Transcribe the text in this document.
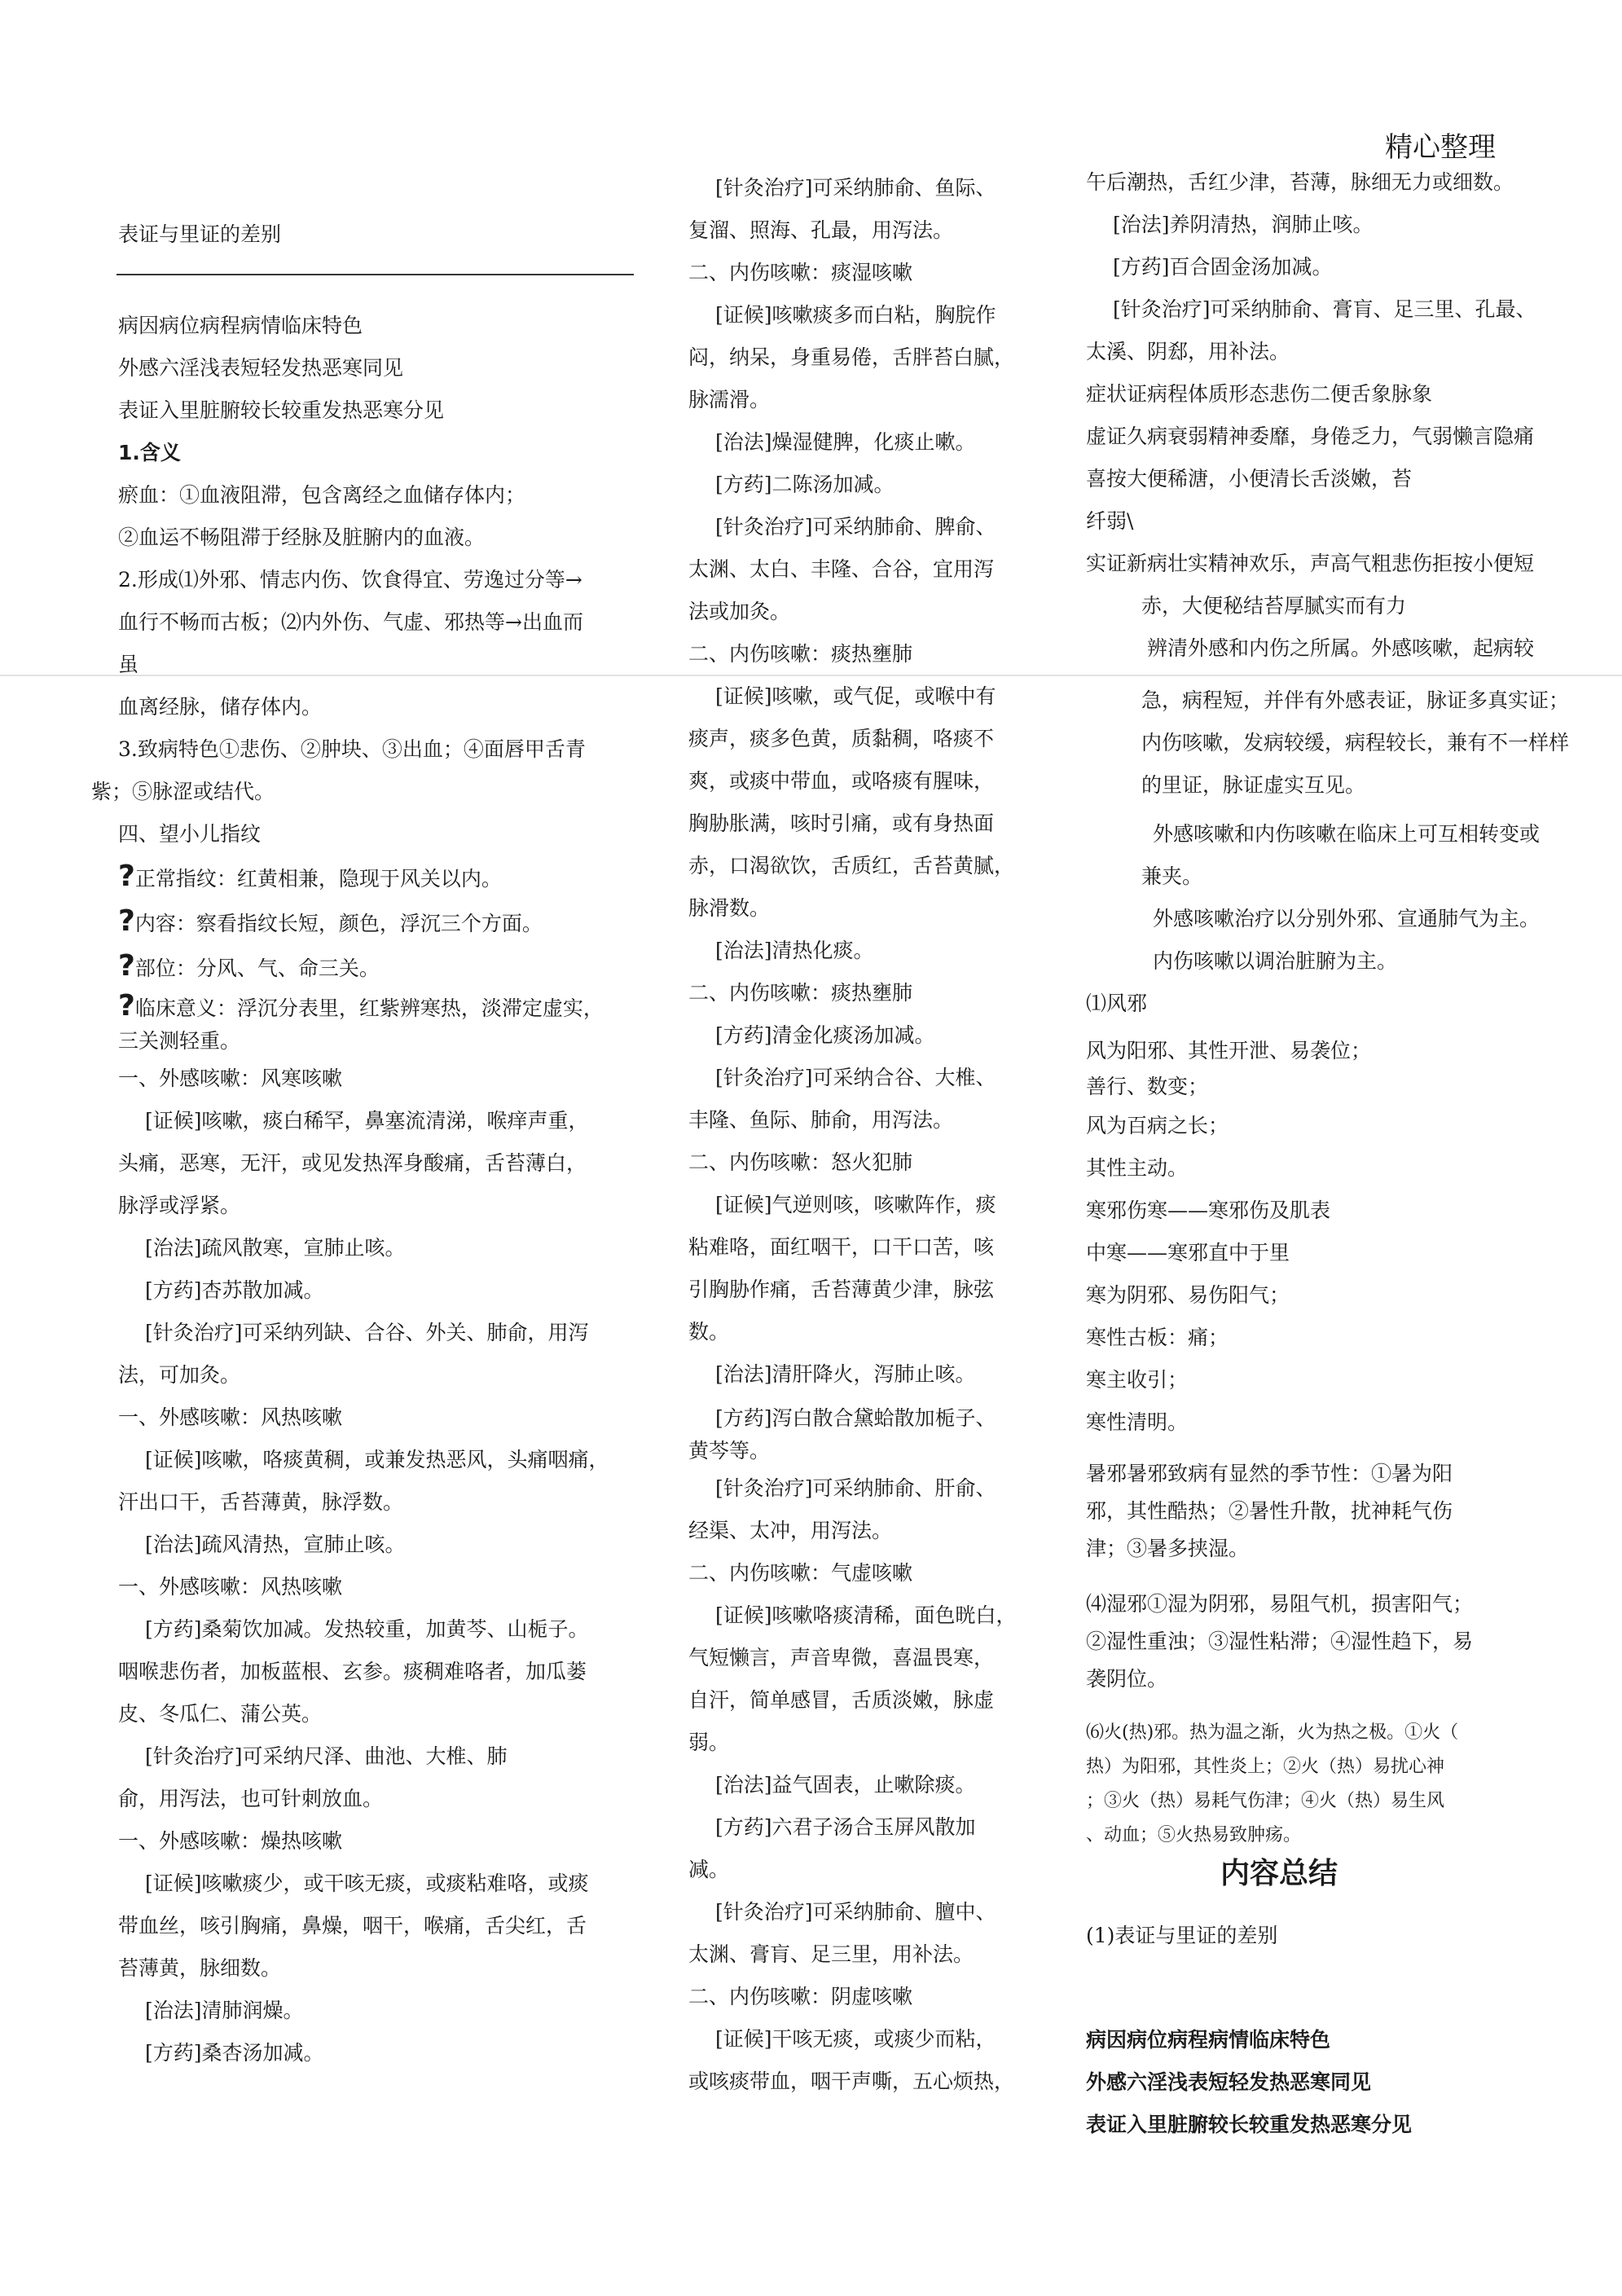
精心整理

表证与里证的差别

病因病位病程病情临床特色

外感六淫浅表短轻发热恶寒同见

表证入里脏腑较长较重发热恶寒分见

1.含义

瘀血：①血液阻滞，包含离经之血储存体内；

②血运不畅阻滞于经脉及脏腑内的血液。

2.形成⑴外邪、情志内伤、饮食得宜、劳逸过分等→

血行不畅而古板；⑵内外伤、气虚、邪热等→出血而

虽

血离经脉，储存体内。

3.致病特色①悲伤、②肿块、③出血；④面唇甲舌青

紫；⑤脉涩或结代。

四、望小儿指纹

?正常指纹：红黄相兼，隐现于风关以内。

?内容：察看指纹长短，颜色，浮沉三个方面。

?部位：分风、气、命三关。

?临床意义：浮沉分表里，红紫辨寒热，淡滞定虚实，

三关测轻重。

一、外感咳嗽：风寒咳嗽

[证候]咳嗽，痰白稀罕，鼻塞流清涕，喉痒声重，

头痛，恶寒，无汗，或见发热浑身酸痛，舌苔薄白，

脉浮或浮紧。

[治法]疏风散寒，宣肺止咳。

[方药]杏苏散加减。

[针灸治疗]可采纳列缺、合谷、外关、肺俞，用泻

法，可加灸。

一、外感咳嗽：风热咳嗽

[证候]咳嗽，咯痰黄稠，或兼发热恶风，头痛咽痛，

汗出口干，舌苔薄黄，脉浮数。

[治法]疏风清热，宣肺止咳。

一、外感咳嗽：风热咳嗽

[方药]桑菊饮加减。发热较重，加黄芩、山栀子。

咽喉悲伤者，加板蓝根、玄参。痰稠难咯者，加瓜蒌

皮、冬瓜仁、蒲公英。

[针灸治疗]可采纳尺泽、曲池、大椎、肺

俞，用泻法，也可针刺放血。

一、外感咳嗽：燥热咳嗽

[证候]咳嗽痰少，或干咳无痰，或痰粘难咯，或痰

带血丝，咳引胸痛，鼻燥，咽干，喉痛，舌尖红，舌

苔薄黄，脉细数。

[治法]清肺润燥。

[方药]桑杏汤加减。

[针灸治疗]可采纳肺俞、鱼际、

复溜、照海、孔最，用泻法。

二、内伤咳嗽：痰湿咳嗽

[证候]咳嗽痰多而白粘，胸脘作

闷，纳呆，身重易倦，舌胖苔白腻，

脉濡滑。

[治法]燥湿健脾，化痰止嗽。

[方药]二陈汤加减。

[针灸治疗]可采纳肺俞、脾俞、

太渊、太白、丰隆、合谷，宜用泻

法或加灸。

二、内伤咳嗽：痰热壅肺

[证候]咳嗽，或气促，或喉中有

痰声，痰多色黄，质黏稠，咯痰不

爽，或痰中带血，或咯痰有腥味，

胸胁胀满，咳时引痛，或有身热面

赤，口渴欲饮，舌质红，舌苔黄腻，

脉滑数。

[治法]清热化痰。

二、内伤咳嗽：痰热壅肺

[方药]清金化痰汤加减。

[针灸治疗]可采纳合谷、大椎、

丰隆、鱼际、肺俞，用泻法。

二、内伤咳嗽：怒火犯肺

[证候]气逆则咳，咳嗽阵作，痰

粘难咯，面红咽干，口干口苦，咳

引胸胁作痛，舌苔薄黄少津，脉弦

数。

[治法]清肝降火，泻肺止咳。

[方药]泻白散合黛蛤散加栀子、

黄芩等。

[针灸治疗]可采纳肺俞、肝俞、

经渠、太冲，用泻法。

二、内伤咳嗽：气虚咳嗽

[证候]咳嗽咯痰清稀，面色晄白，

气短懒言，声音卑微，喜温畏寒，

自汗，简单感冒，舌质淡嫩，脉虚

弱。

[治法]益气固表，止嗽除痰。

[方药]六君子汤合玉屏风散加

减。

[针灸治疗]可采纳肺俞、膻中、

太渊、膏肓、足三里，用补法。

二、内伤咳嗽：阴虚咳嗽

[证候]干咳无痰，或痰少而粘，

或咳痰带血，咽干声嘶，五心烦热，

午后潮热，舌红少津，苔薄，脉细无力或细数。

[治法]养阴清热，润肺止咳。

[方药]百合固金汤加减。

[针灸治疗]可采纳肺俞、膏肓、足三里、孔最、

太溪、阴郄，用补法。

症状证病程体质形态悲伤二便舌象脉象

虚证久病衰弱精神委靡，身倦乏力，气弱懒言隐痛

喜按大便稀溏，小便清长舌淡嫩，苔

纤弱\

实证新病壮实精神欢乐，声高气粗悲伤拒按小便短

赤，大便秘结苔厚腻实而有力

辨清外感和内伤之所属。外感咳嗽，起病较

急，病程短，并伴有外感表证，脉证多真实证；

内伤咳嗽，发病较缓，病程较长，兼有不一样样

的里证，脉证虚实互见。

外感咳嗽和内伤咳嗽在临床上可互相转变或

兼夹。

外感咳嗽治疗以分别外邪、宣通肺气为主。

内伤咳嗽以调治脏腑为主。

⑴风邪

风为阳邪、其性开泄、易袭位；

善行、数变；

风为百病之长；

其性主动。

寒邪伤寒——寒邪伤及肌表

中寒——寒邪直中于里

寒为阴邪、易伤阳气；

寒性古板：痛；

寒主收引；

寒性清明。

暑邪暑邪致病有显然的季节性：①暑为阳

邪，其性酷热；②暑性升散，扰神耗气伤

津；③暑多挟湿。

⑷湿邪①湿为阴邪，易阻气机，损害阳气；

②湿性重浊；③湿性粘滞；④湿性趋下，易

袭阴位。

⑹火(热)邪。热为温之渐，火为热之极。①火（

热）为阳邪，其性炎上；②火（热）易扰心神

；③火（热）易耗气伤津；④火（热）易生风

、动血；⑤火热易致肿疡。

内容总结

(1)表证与里证的差别

病因病位病程病情临床特色

外感六淫浅表短轻发热恶寒同见

表证入里脏腑较长较重发热恶寒分见
